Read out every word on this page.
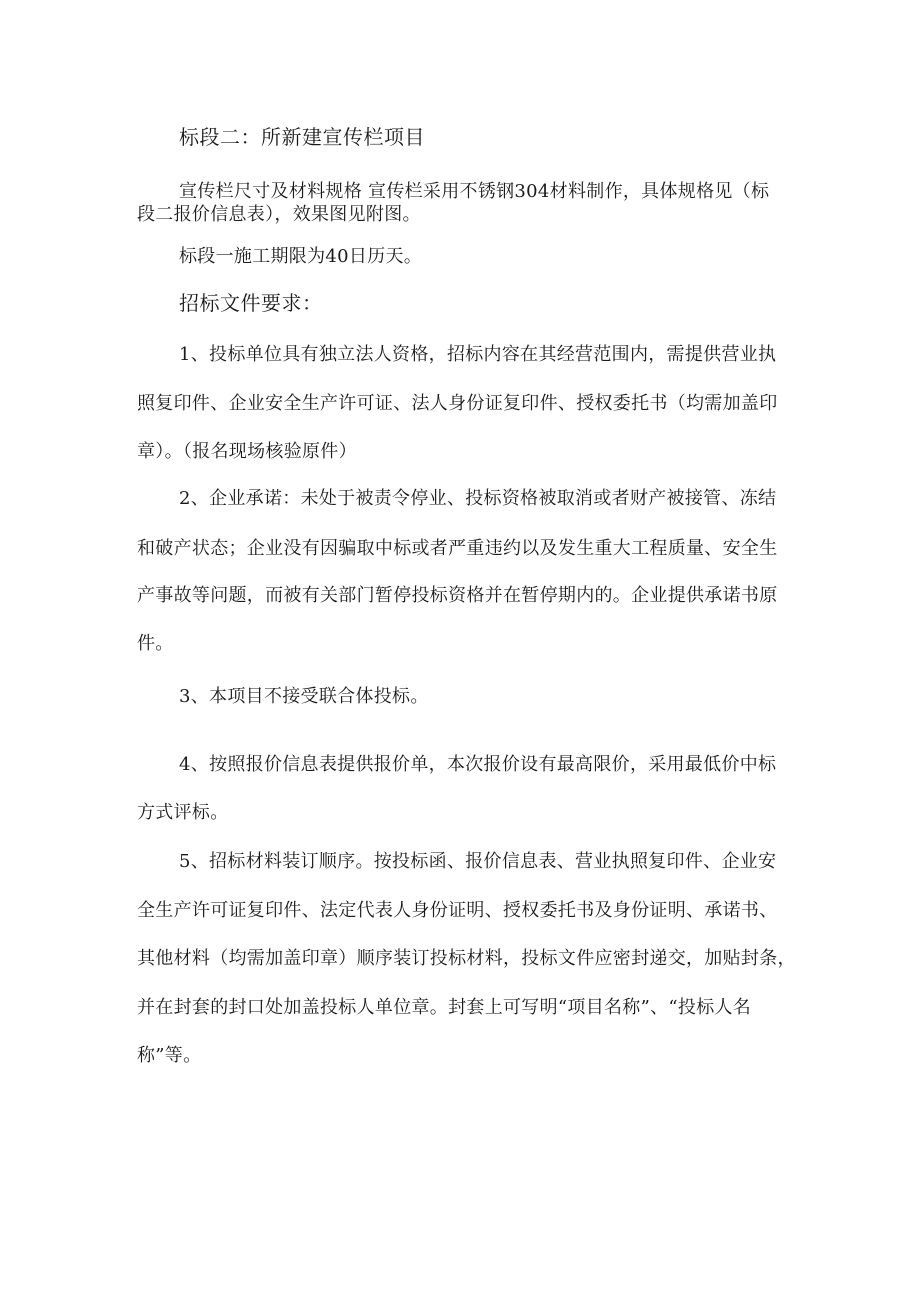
标段二：所新建宣传栏项目
宣传栏尺寸及材料规格 宣传栏采用不锈钢304材料制作，具体规格见（标
段二报价信息表），效果图见附图。
标段一施工期限为40日历天。
招标文件要求：
1、投标单位具有独立法人资格，招标内容在其经营范围内，需提供营业执
照复印件、企业安全生产许可证、法人身份证复印件、授权委托书（均需加盖印
章）。（报名现场核验原件）
2、企业承诺：未处于被责令停业、投标资格被取消或者财产被接管、冻结
和破产状态；企业没有因骗取中标或者严重违约以及发生重大工程质量、安全生
产事故等问题，而被有关部门暂停投标资格并在暂停期内的。企业提供承诺书原
件。
3、本项目不接受联合体投标。
4、按照报价信息表提供报价单，本次报价设有最高限价，采用最低价中标
方式评标。
5、招标材料装订顺序。按投标函、报价信息表、营业执照复印件、企业安
全生产许可证复印件、法定代表人身份证明、授权委托书及身份证明、承诺书、
其他材料（均需加盖印章）顺序装订投标材料，投标文件应密封递交，加贴封条，
并在封套的封口处加盖投标人单位章。封套上可写明“项目名称”、“投标人名
称”等。
